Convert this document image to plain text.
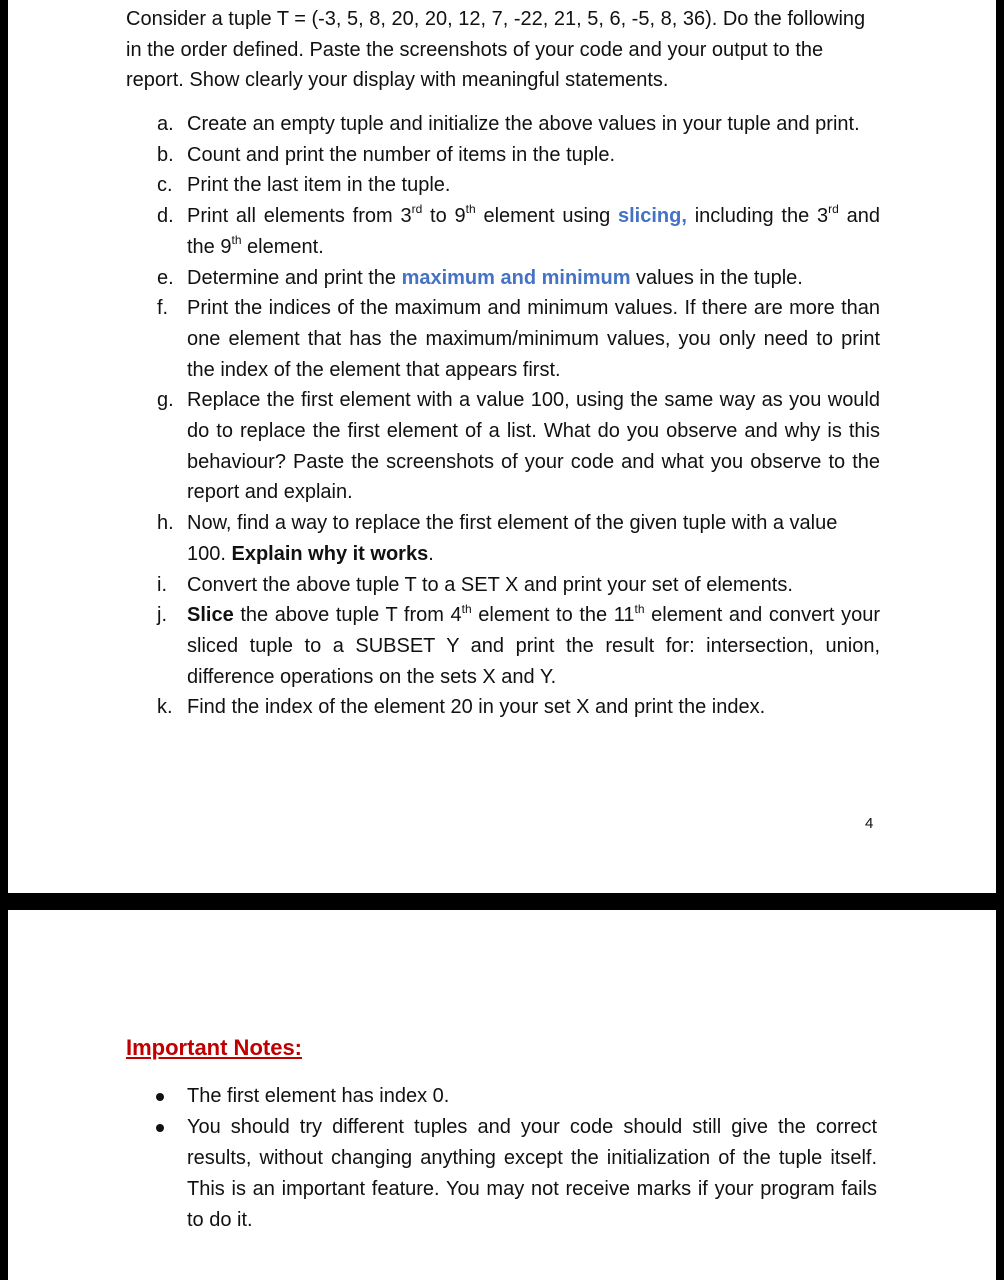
Consider a tuple T = (-3, 5, 8, 20, 20, 12, 7, -22, 21, 5, 6, -5, 8, 36). Do the following in the order defined. Paste the screenshots of your code and your output to the report. Show clearly your display with meaningful statements.

a. Create an empty tuple and initialize the above values in your tuple and print.
b. Count and print the number of items in the tuple.
c. Print the last item in the tuple.
d. Print all elements from 3rd to 9th element using slicing, including the 3rd and the 9th element.
e. Determine and print the maximum and minimum values in the tuple.
f. Print the indices of the maximum and minimum values. If there are more than one element that has the maximum/minimum values, you only need to print the index of the element that appears first.
g. Replace the first element with a value 100, using the same way as you would do to replace the first element of a list. What do you observe and why is this behaviour? Paste the screenshots of your code and what you observe to the report and explain.
h. Now, find a way to replace the first element of the given tuple with a value 100. Explain why it works.
i. Convert the above tuple T to a SET X and print your set of elements.
j. Slice the above tuple T from 4th element to the 11th element and convert your sliced tuple to a SUBSET Y and print the result for: intersection, union, difference operations on the sets X and Y.
k. Find the index of the element 20 in your set X and print the index.
4

Important Notes:

The first element has index 0.
You should try different tuples and your code should still give the correct results, without changing anything except the initialization of the tuple itself. This is an important feature. You may not receive marks if your program fails to do it.
